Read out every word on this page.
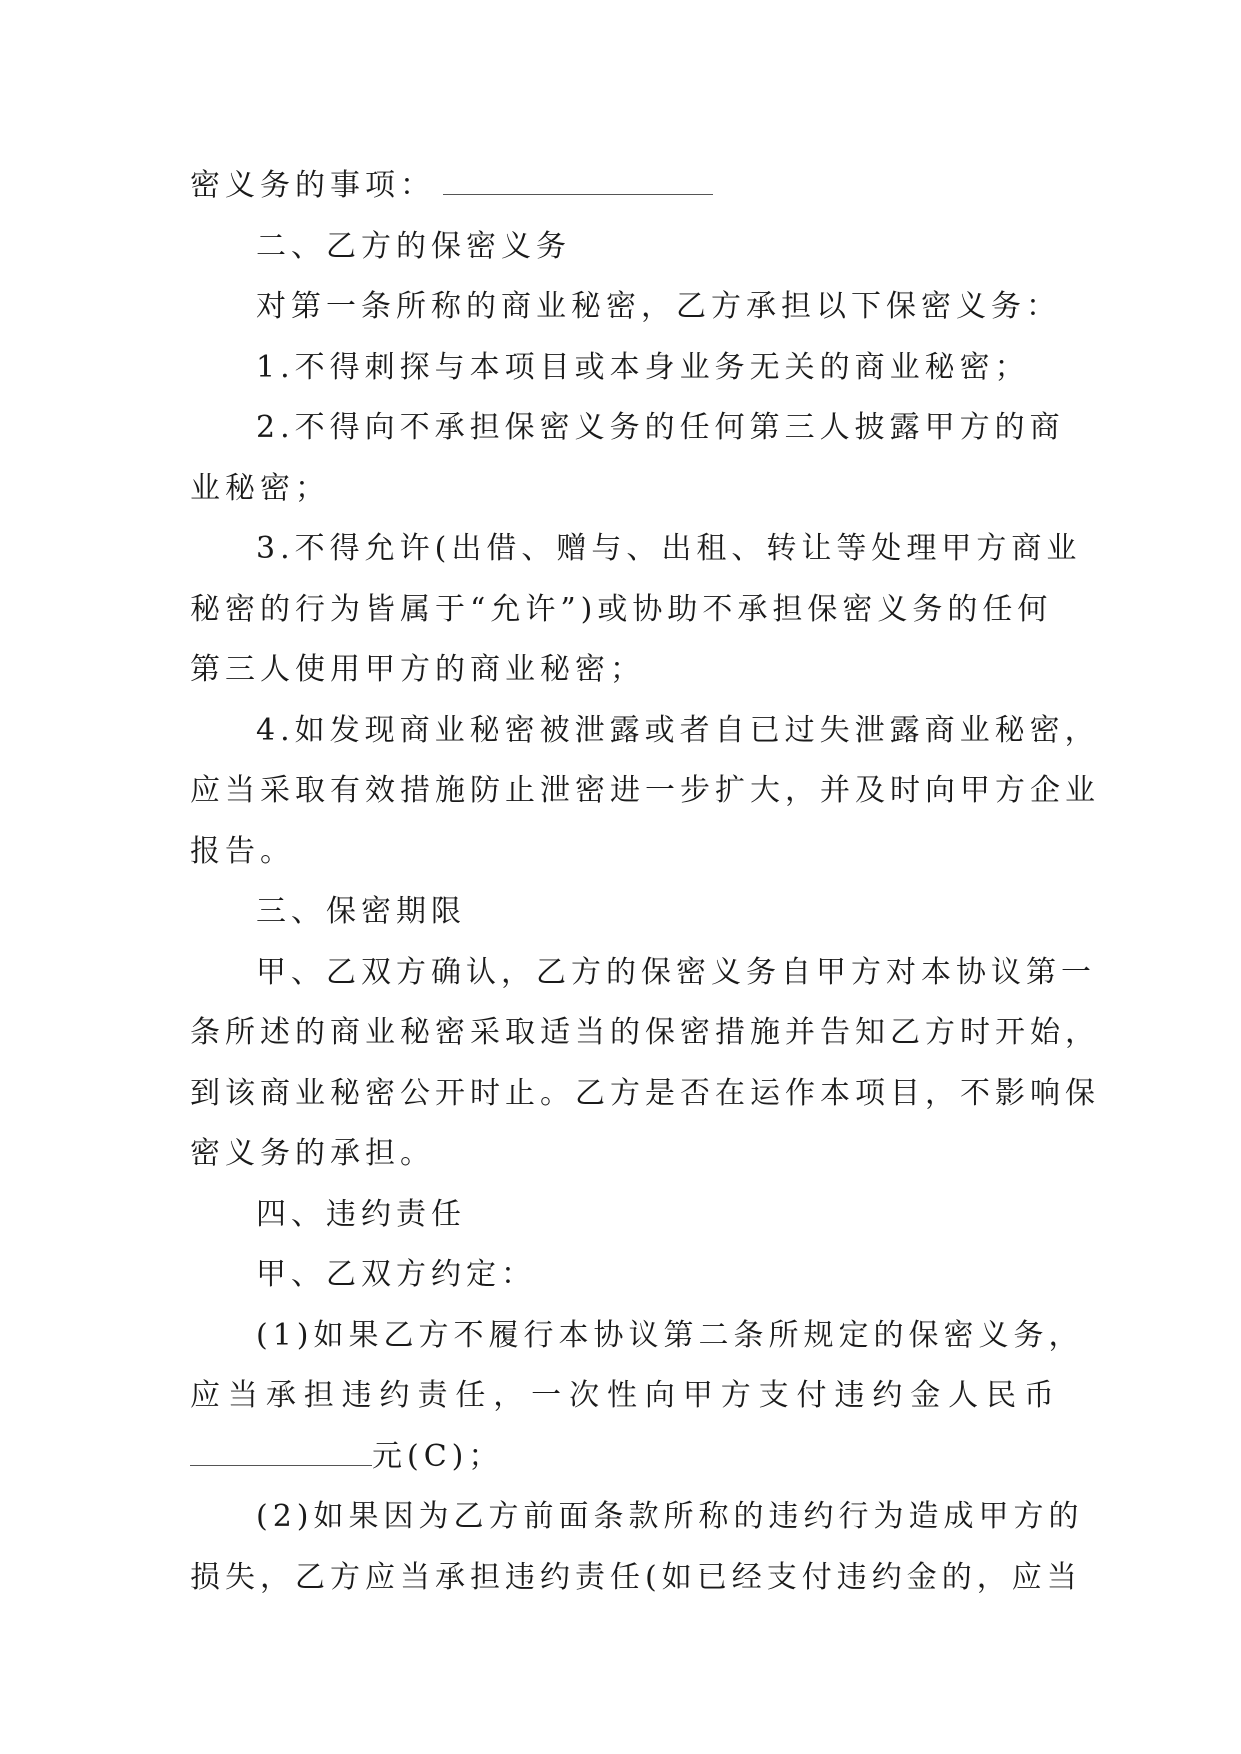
密义务的事项：
二、乙方的保密义务
对第一条所称的商业秘密，乙方承担以下保密义务：
1.不得刺探与本项目或本身业务无关的商业秘密；
2.不得向不承担保密义务的任何第三人披露甲方的商
业秘密；
3.不得允许(出借、赠与、出租、转让等处理甲方商业
秘密的行为皆属于“允许”)或协助不承担保密义务的任何
第三人使用甲方的商业秘密；
4.如发现商业秘密被泄露或者自已过失泄露商业秘密，
应当采取有效措施防止泄密进一步扩大，并及时向甲方企业
报告。
三、保密期限
甲、乙双方确认，乙方的保密义务自甲方对本协议第一
条所述的商业秘密采取适当的保密措施并告知乙方时开始，
到该商业秘密公开时止。乙方是否在运作本项目，不影响保
密义务的承担。
四、违约责任
甲、乙双方约定：
(1)如果乙方不履行本协议第二条所规定的保密义务，
应当承担违约责任，一次性向甲方支付违约金人民币
元(C)；
(2)如果因为乙方前面条款所称的违约行为造成甲方的
损失，乙方应当承担违约责任(如已经支付违约金的，应当
